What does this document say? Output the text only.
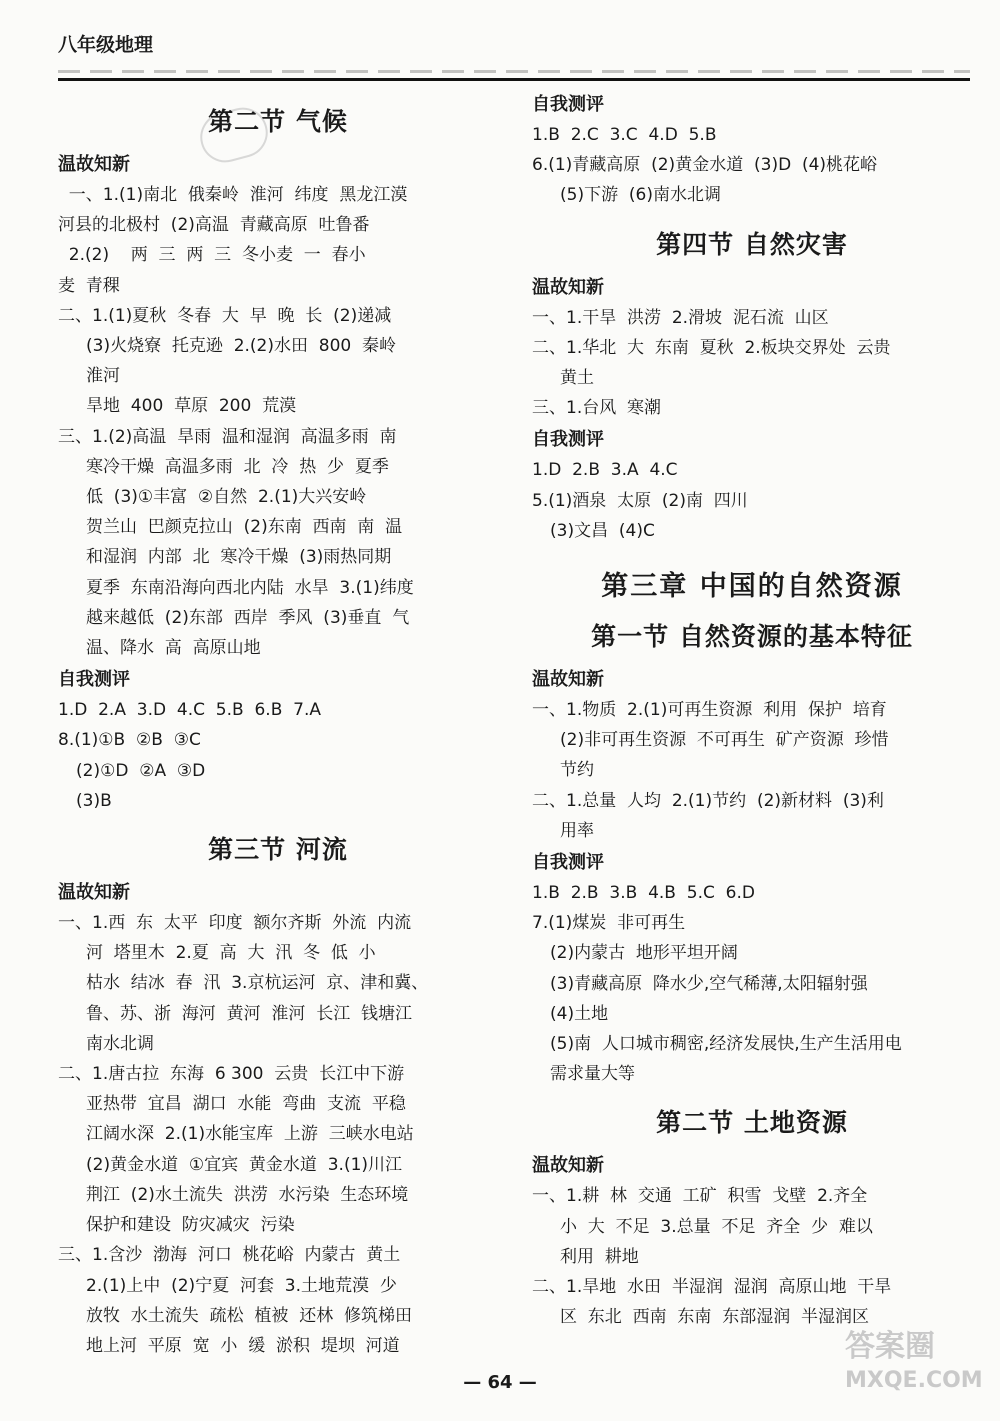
八年级地理
第二节 气候
温故知新
一、1.(1)南北  俄秦岭  淮河  纬度  黑龙江漠
河县的北极村  (2)高温  青藏高原  吐鲁番
2.(2)    两  三  两  三  冬小麦  一  春小
麦  青稞
二、1.(1)夏秋  冬春  大  早  晚  长  (2)递减
(3)火烧寮  托克逊  2.(2)水田  800  秦岭
淮河
旱地  400  草原  200  荒漠
三、1.(2)高温  旱雨  温和湿润  高温多雨  南
寒冷干燥  高温多雨  北  冷  热  少  夏季
低  (3)①丰富  ②自然  2.(1)大兴安岭
贺兰山  巴颜克拉山  (2)东南  西南  南  温
和湿润  内部  北  寒冷干燥  (3)雨热同期
夏季  东南沿海向西北内陆  水旱  3.(1)纬度
越来越低  (2)东部  西岸  季风  (3)垂直  气
温、降水  高  高原山地
自我测评
1.D  2.A  3.D  4.C  5.B  6.B  7.A
8.(1)①B  ②B  ③C
(2)①D  ②A  ③D
(3)B
第三节 河流
温故知新
一、1.西  东  太平  印度  额尔齐斯  外流  内流
河  塔里木  2.夏  高  大  汛  冬  低  小
枯水  结冰  春  汛  3.京杭运河  京、津和冀、
鲁、苏、浙  海河  黄河  淮河  长江  钱塘江
南水北调
二、1.唐古拉  东海  6 300  云贵  长江中下游
亚热带  宜昌  湖口  水能  弯曲  支流  平稳
江阔水深  2.(1)水能宝库  上游  三峡水电站
(2)黄金水道  ①宜宾  黄金水道  3.(1)川江
荆江  (2)水土流失  洪涝  水污染  生态环境
保护和建设  防灾减灾  污染
三、1.含沙  渤海  河口  桃花峪  内蒙古  黄土
2.(1)上中  (2)宁夏  河套  3.土地荒漠  少
放牧  水土流失  疏松  植被  还林  修筑梯田
地上河  平原  宽  小  缓  淤积  堤坝  河道
自我测评
1.B  2.C  3.C  4.D  5.B
6.(1)青藏高原  (2)黄金水道  (3)D  (4)桃花峪
(5)下游  (6)南水北调
第四节 自然灾害
温故知新
一、1.干旱  洪涝  2.滑坡  泥石流  山区
二、1.华北  大  东南  夏秋  2.板块交界处  云贵
黄土
三、1.台风  寒潮
自我测评
1.D  2.B  3.A  4.C
5.(1)酒泉  太原  (2)南  四川
(3)文昌  (4)C
第三章 中国的自然资源
第一节 自然资源的基本特征
温故知新
一、1.物质  2.(1)可再生资源  利用  保护  培育
(2)非可再生资源  不可再生  矿产资源  珍惜
节约
二、1.总量  人均  2.(1)节约  (2)新材料  (3)利
用率
自我测评
1.B  2.B  3.B  4.B  5.C  6.D
7.(1)煤炭  非可再生
(2)内蒙古  地形平坦开阔
(3)青藏高原  降水少,空气稀薄,太阳辐射强
(4)土地
(5)南  人口城市稠密,经济发展快,生产生活用电
需求量大等
第二节 土地资源
温故知新
一、1.耕  林  交通  工矿  积雪  戈壁  2.齐全
小  大  不足  3.总量  不足  齐全  少  难以
利用  耕地
二、1.旱地  水田  半湿润  湿润  高原山地  干旱
区  东北  西南  东南  东部湿润  半湿润区
— 64 —
答案圈
MXQE.COM
